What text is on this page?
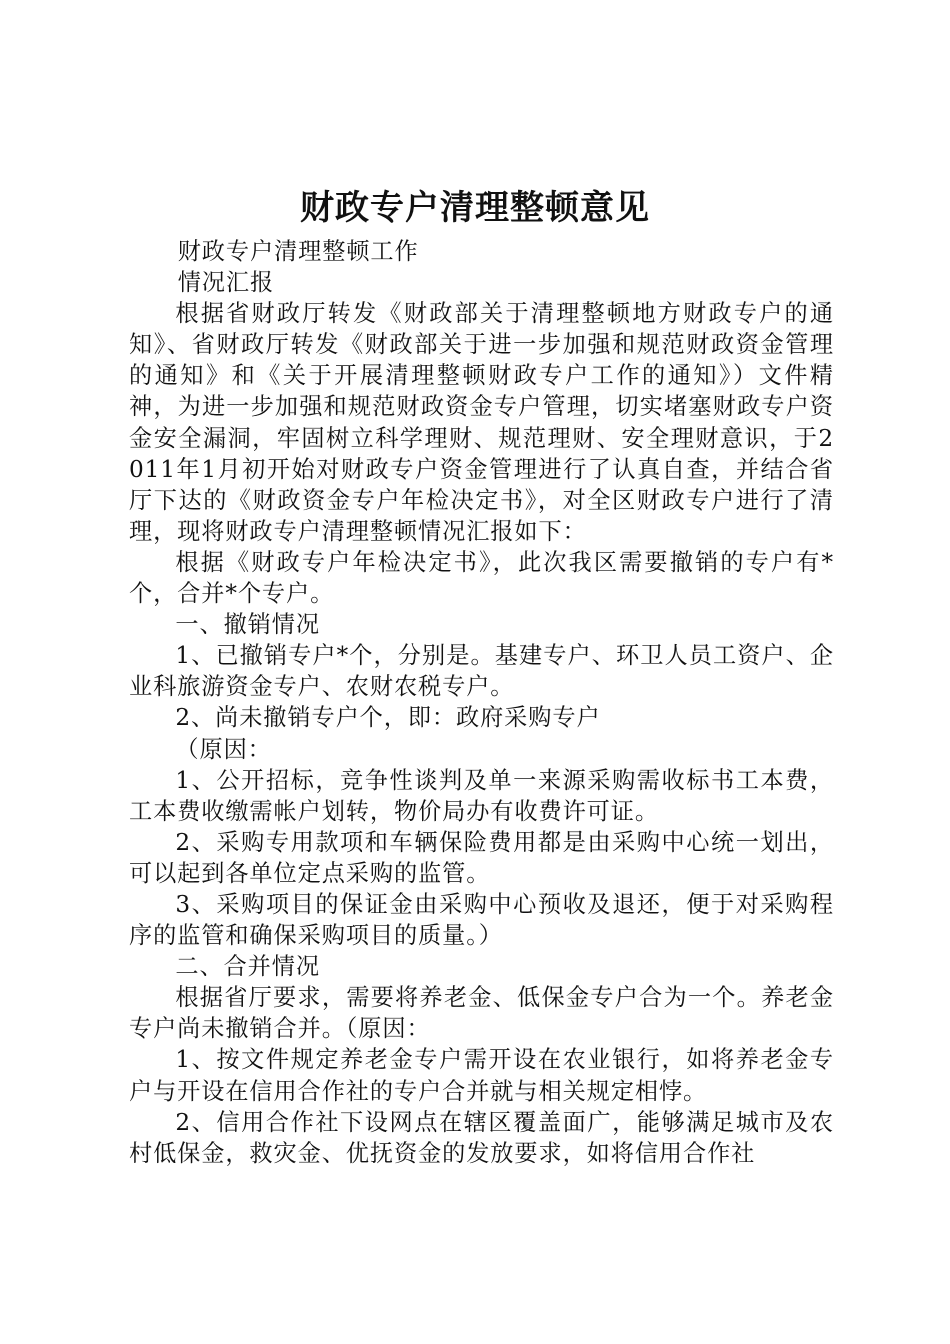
财政专户清理整顿意见

财政专户清理整顿工作

情况汇报

根据省财政厅转发《财政部关于清理整顿地方财政专户的通知》、省财政厅转发《财政部关于进一步加强和规范财政资金管理的通知》和《关于开展清理整顿财政专户工作的通知》）文件精神，为进一步加强和规范财政资金专户管理，切实堵塞财政专户资金安全漏洞，牢固树立科学理财、规范理财、安全理财意识，于2011年1月初开始对财政专户资金管理进行了认真自查，并结合省厅下达的《财政资金专户年检决定书》，对全区财政专户进行了清理，现将财政专户清理整顿情况汇报如下：

根据《财政专户年检决定书》，此次我区需要撤销的专户有*个，合并*个专户。

一、撤销情况

1、已撤销专户*个，分别是。基建专户、环卫人员工资户、企业科旅游资金专户、农财农税专户。

2、尚未撤销专户个，即：政府采购专户

（原因：

1、公开招标，竞争性谈判及单一来源采购需收标书工本费，工本费收缴需帐户划转，物价局办有收费许可证。

2、采购专用款项和车辆保险费用都是由采购中心统一划出，可以起到各单位定点采购的监管。

3、采购项目的保证金由采购中心预收及退还，便于对采购程序的监管和确保采购项目的质量。）

二、合并情况

根据省厅要求，需要将养老金、低保金专户合为一个。养老金专户尚未撤销合并。（原因：

1、按文件规定养老金专户需开设在农业银行，如将养老金专户与开设在信用合作社的专户合并就与相关规定相悖。

2、信用合作社下设网点在辖区覆盖面广，能够满足城市及农村低保金，救灾金、优抚资金的发放要求，如将信用合作社
